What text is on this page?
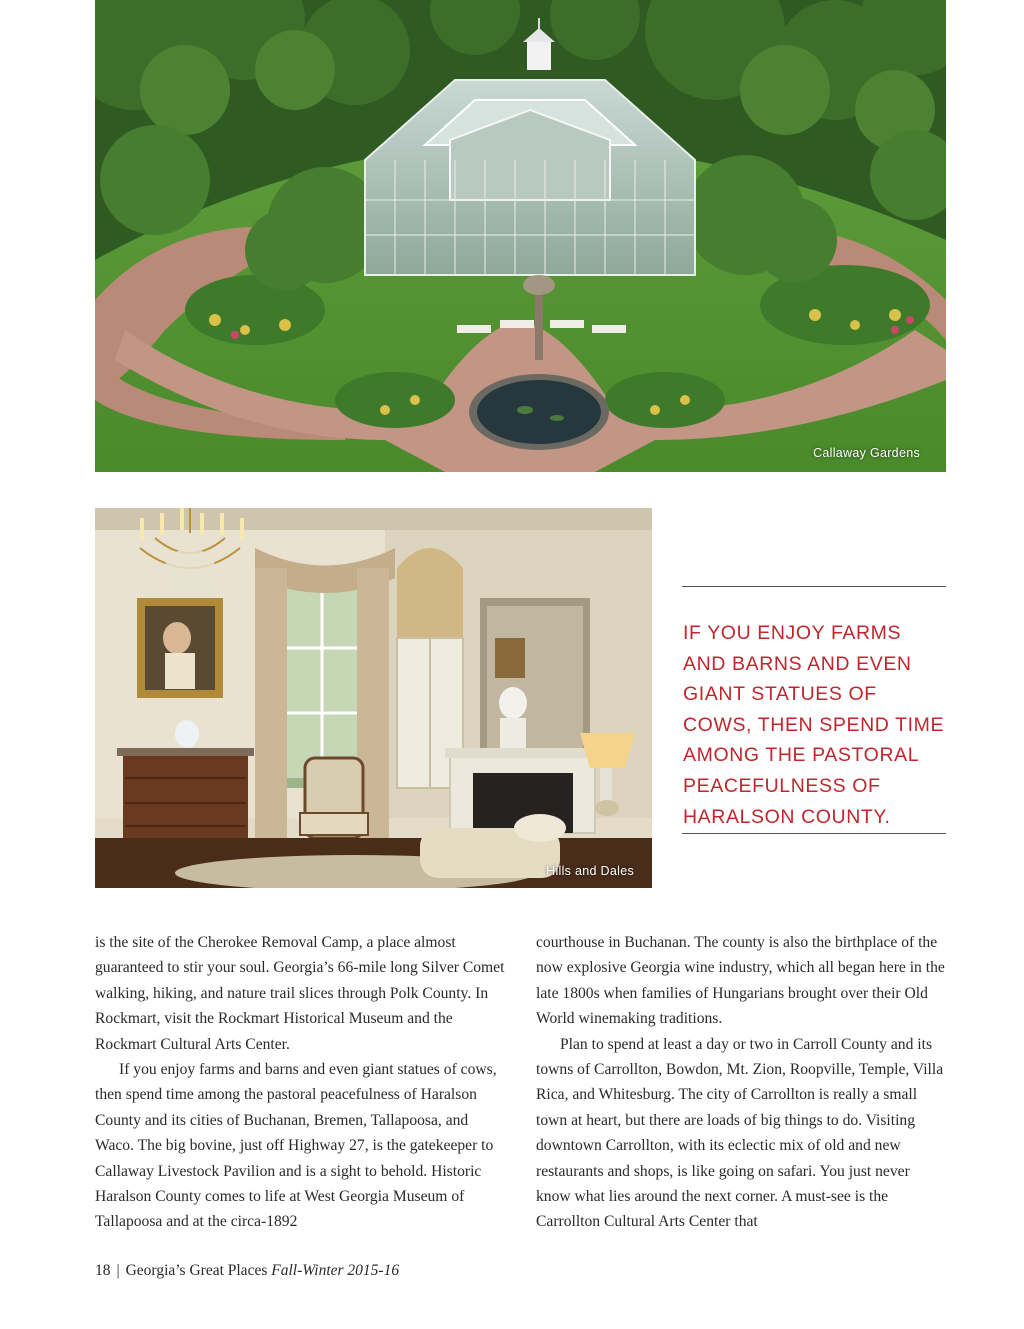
Callaway Gardens
Hills and Dales

IF YOU ENJOY FARMS AND BARNS AND EVEN GIANT STATUES OF COWS, THEN SPEND TIME AMONG THE PASTORAL PEACEFULNESS OF HARALSON COUNTY.

is the site of the Cherokee Removal Camp, a place almost guaranteed to stir your soul. Georgia’s 66-mile long Silver Comet walking, hiking, and nature trail slices through Polk County. In Rockmart, visit the Rockmart Historical Museum and the Rockmart Cultural Arts Center.

If you enjoy farms and barns and even giant statues of cows, then spend time among the pastoral peacefulness of Haralson County and its cities of Buchanan, Bremen, Tallapoosa, and Waco. The big bovine, just off Highway 27, is the gatekeeper to Callaway Livestock Pavilion and is a sight to behold. Historic Haralson County comes to life at West Georgia Museum of Tallapoosa and at the circa-1892

courthouse in Buchanan. The county is also the birthplace of the now explosive Georgia wine industry, which all began here in the late 1800s when families of Hungarians brought over their Old World winemaking traditions.

Plan to spend at least a day or two in Carroll County and its towns of Carrollton, Bowdon, Mt. Zion, Roopville, Temple, Villa Rica, and Whitesburg. The city of Carrollton is really a small town at heart, but there are loads of big things to do. Visiting downtown Carrollton, with its eclectic mix of old and new restaurants and shops, is like going on safari. You just never know what lies around the next corner. A must-see is the Carrollton Cultural Arts Center that

18 | Georgia’s Great Places Fall-Winter 2015-16
